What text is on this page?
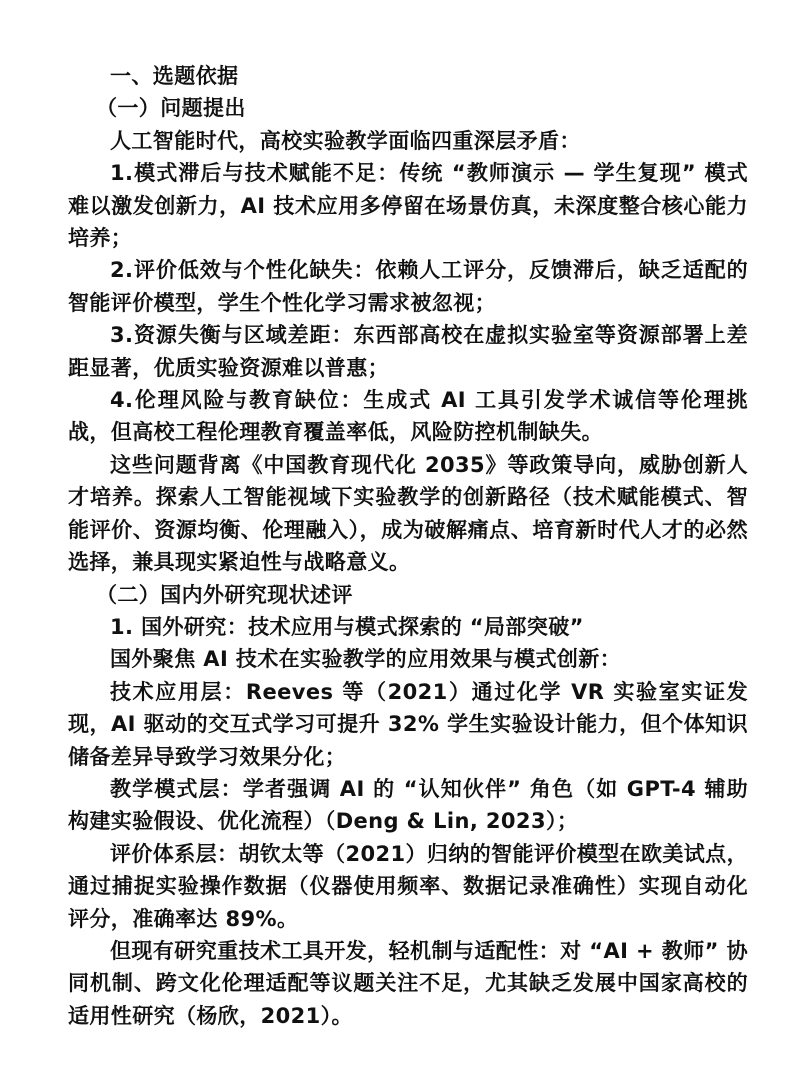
一、选题依据

（一）问题提出

人工智能时代，高校实验教学面临四重深层矛盾：

1.模式滞后与技术赋能不足：传统 “教师演示 — 学生复现” 模式难以激发创新力，AI 技术应用多停留在场景仿真，未深度整合核心能力培养；

2.评价低效与个性化缺失：依赖人工评分，反馈滞后，缺乏适配的智能评价模型，学生个性化学习需求被忽视；

3.资源失衡与区域差距：东西部高校在虚拟实验室等资源部署上差距显著，优质实验资源难以普惠；

4.伦理风险与教育缺位：生成式 AI 工具引发学术诚信等伦理挑战，但高校工程伦理教育覆盖率低，风险防控机制缺失。

这些问题背离《中国教育现代化 2035》等政策导向，威胁创新人才培养。探索人工智能视域下实验教学的创新路径（技术赋能模式、智能评价、资源均衡、伦理融入），成为破解痛点、培育新时代人才的必然选择，兼具现实紧迫性与战略意义。

（二）国内外研究现状述评

1. 国外研究：技术应用与模式探索的 “局部突破”

国外聚焦 AI 技术在实验教学的应用效果与模式创新：

技术应用层：Reeves 等（2021）通过化学 VR 实验室实证发现，AI 驱动的交互式学习可提升 32% 学生实验设计能力，但个体知识储备差异导致学习效果分化；

教学模式层：学者强调 AI 的 “认知伙伴” 角色（如 GPT-4 辅助构建实验假设、优化流程）（Deng & Lin, 2023）；

评价体系层：胡钦太等（2021）归纳的智能评价模型在欧美试点，通过捕捉实验操作数据（仪器使用频率、数据记录准确性）实现自动化评分，准确率达 89%。

但现有研究重技术工具开发，轻机制与适配性：对 “AI + 教师” 协同机制、跨文化伦理适配等议题关注不足，尤其缺乏发展中国家高校的适用性研究（杨欣，2021）。
